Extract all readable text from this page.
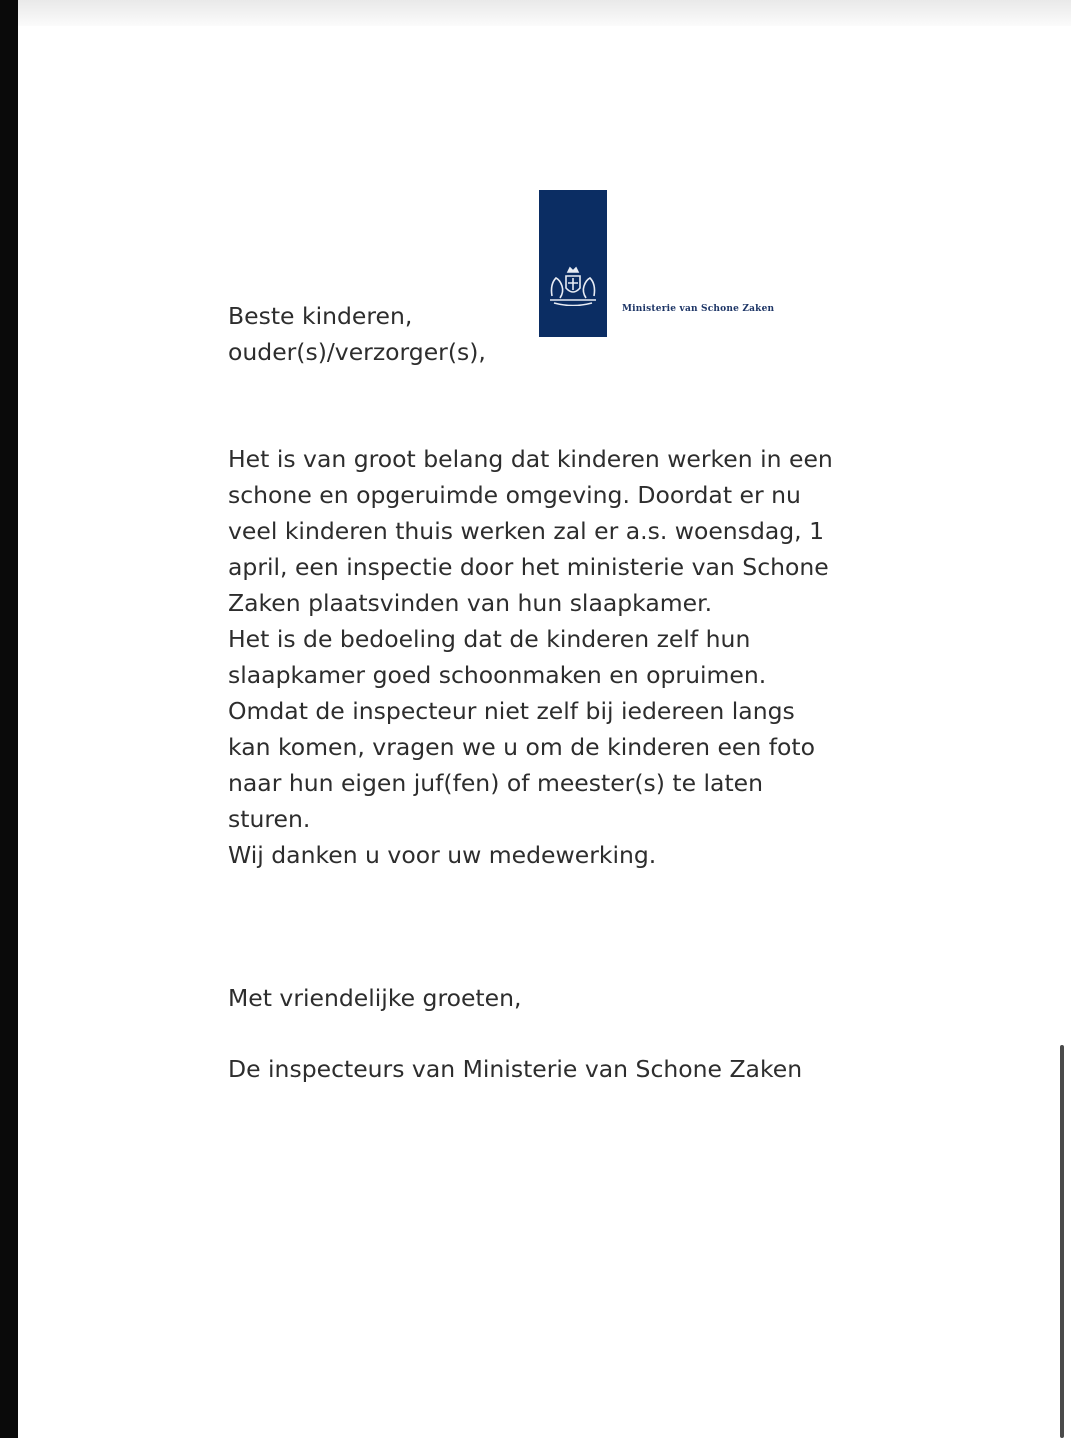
Ministerie van Schone Zaken
Beste kinderen,
ouder(s)/verzorger(s),
Het is van groot belang dat kinderen werken in een
schone en opgeruimde omgeving. Doordat er nu
veel kinderen thuis werken zal er a.s. woensdag, 1
april, een inspectie door het ministerie van Schone
Zaken plaatsvinden van hun slaapkamer.
Het is de bedoeling dat de kinderen zelf hun
slaapkamer goed schoonmaken en opruimen.
Omdat de inspecteur niet zelf bij iedereen langs
kan komen, vragen we u om de kinderen een foto
naar hun eigen juf(fen) of meester(s) te laten
sturen.
Wij danken u voor uw medewerking.
Met vriendelijke groeten,
De inspecteurs van Ministerie van Schone Zaken
